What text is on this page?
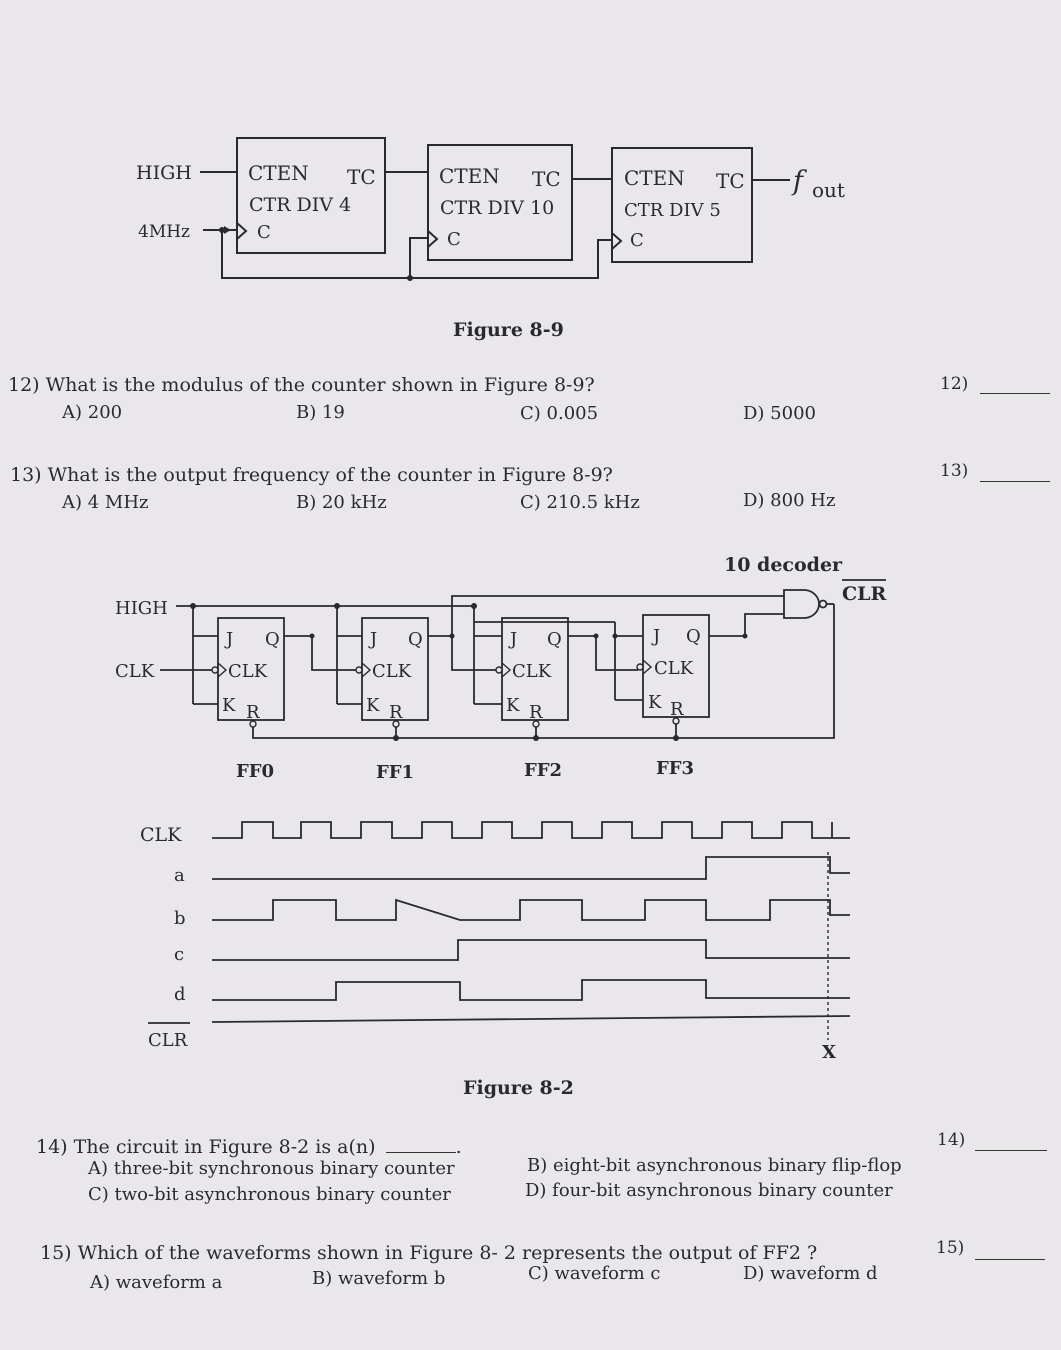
HIGH
4MHz
CTEN TC
CTR DIV 4
C
CTEN TC
CTR DIV 10
C
CTEN TC
CTR DIV 5
C
f out
Figure 8-9
12) What is the modulus of the counter shown in Figure 8-9?
A) 200	B) 19	C) 0.005	D) 5000
12)
13) What is the output frequency of the counter in Figure 8-9?
A) 4 MHz	B) 20 kHz	C) 210.5 kHz	D) 800 Hz
13)
J Q
CLK
K R
J Q
CLK
K R
J Q
CLK
K R
J Q
CLK
K R
HIGH
CLK
10 decoder
CLR
FF0	FF1	FF2	FF3
CLK
a
b
c
d
CLR
X
Figure 8-2
14) The circuit in Figure 8-2 is a(n)	.
A) three-bit synchronous binary counter	B) eight-bit asynchronous binary flip-flop
C) two-bit asynchronous binary counter	D) four-bit asynchronous binary counter
14)
15) Which of the waveforms shown in Figure 8- 2 represents the output of FF2 ?
A) waveform a	B) waveform b	C) waveform c	D) waveform d
15)
